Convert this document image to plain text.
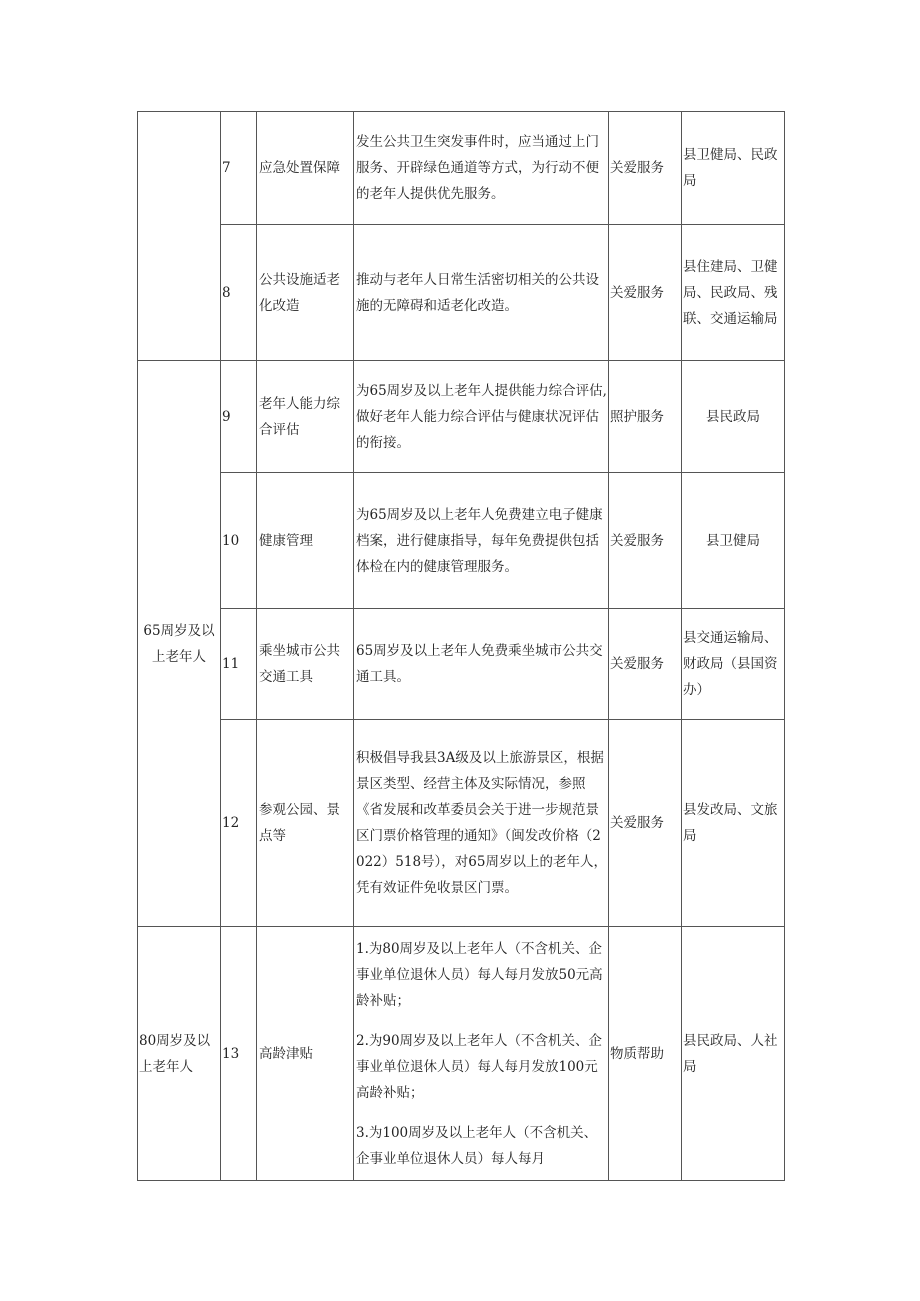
	7	应急处置保障	发生公共卫生突发事件时，应当通过上门服务、开辟绿色通道等方式，为行动不便的老年人提供优先服务。	关爱服务	县卫健局、民政局
	8	公共设施适老化改造	推动与老年人日常生活密切相关的公共设施的无障碍和适老化改造。	关爱服务	县住建局、卫健局、民政局、残联、交通运输局
65周岁及以上老年人	9	老年人能力综合评估	为65周岁及以上老年人提供能力综合评估,做好老年人能力综合评估与健康状况评估的衔接。	照护服务	县民政局
	10	健康管理	为65周岁及以上老年人免费建立电子健康档案，进行健康指导，每年免费提供包括体检在内的健康管理服务。	关爱服务	县卫健局
	11	乘坐城市公共交通工具	65周岁及以上老年人免费乘坐城市公共交通工具。	关爱服务	县交通运输局、财政局（县国资办）
	12	参观公园、景点等	积极倡导我县3A级及以上旅游景区，根据景区类型、经营主体及实际情况，参照《省发展和改革委员会关于进一步规范景区门票价格管理的通知》（闽发改价格（2022）518号），对65周岁以上的老年人，凭有效证件免收景区门票。	关爱服务	县发改局、文旅局
80周岁及以上老年人	13	高龄津贴	1.为80周岁及以上老年人（不含机关、企事业单位退休人员）每人每月发放50元高龄补贴；
2.为90周岁及以上老年人（不含机关、企事业单位退休人员）每人每月发放100元高龄补贴；
3.为100周岁及以上老年人（不含机关、企事业单位退休人员）每人每月	物质帮助	县民政局、人社局
